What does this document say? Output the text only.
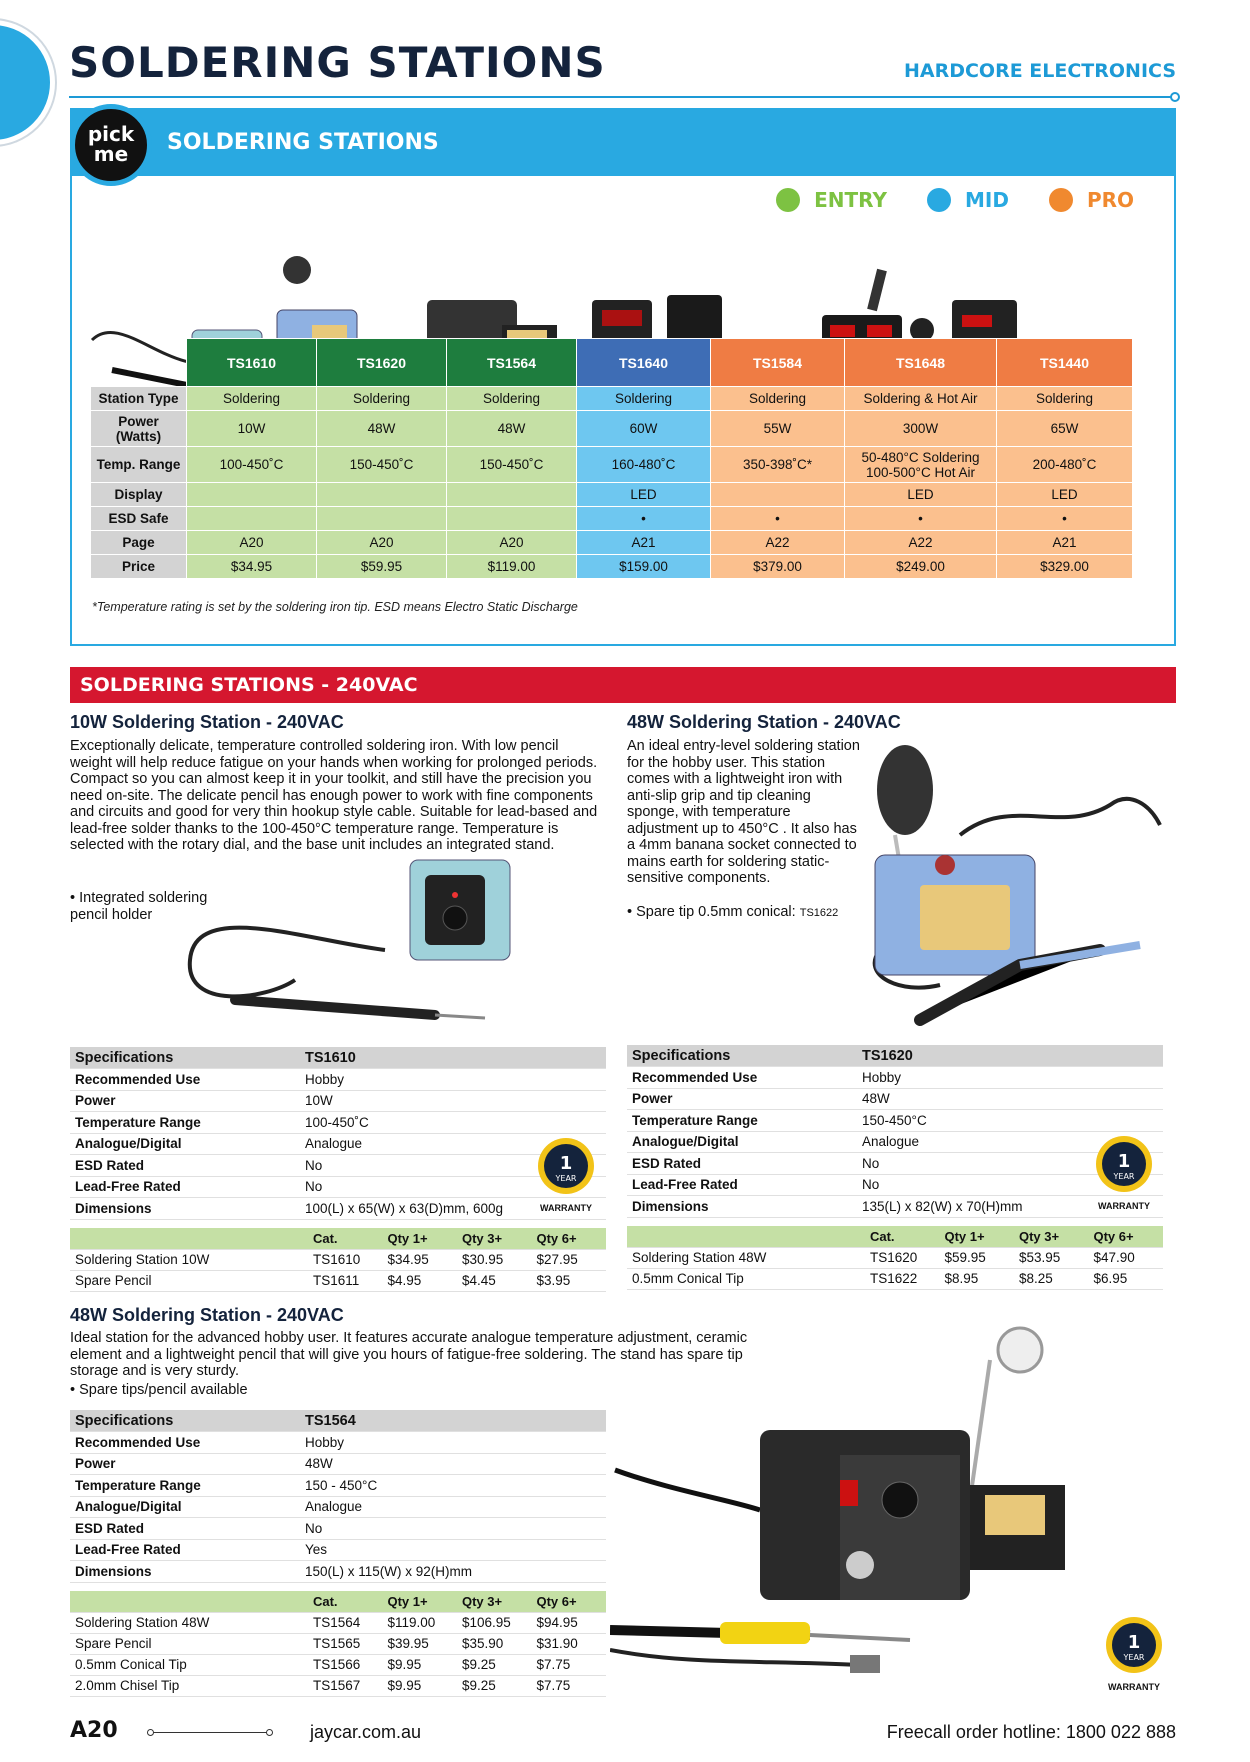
SOLDERING STATIONS	HARDCORE ELECTRONICS
pick
me	SOLDERING STATIONS
ENTRY	MID	PRO
	TS1610	TS1620	TS1564	TS1640	TS1584	TS1648	TS1440
Station Type	Soldering	Soldering	Soldering	Soldering	Soldering	Soldering & Hot Air	Soldering
Power (Watts)	10W	48W	48W	60W	55W	300W	65W
Temp. Range	100-450˚C	150-450˚C	150-450˚C	160-480˚C	350-398˚C*	50-480°C Soldering 100-500°C Hot Air	200-480˚C
Display				LED		LED	LED
ESD Safe				•	•	•	•
Page	A20	A20	A20	A21	A22	A22	A21
Price	$34.95	$59.95	$119.00	$159.00	$379.00	$249.00	$329.00
*Temperature rating is set by the soldering iron tip. ESD means Electro Static Discharge
SOLDERING STATIONS - 240VAC
10W Soldering Station - 240VAC
Exceptionally delicate, temperature controlled soldering iron. With low pencil weight will help reduce fatigue on your hands when working for prolonged periods. Compact so you can almost keep it in your toolkit, and still have the precision you need on-site. The delicate pencil has enough power to work with fine components and circuits and good for very thin hookup style cable. Suitable for lead-based and lead-free solder thanks to the 100-450°C temperature range. Temperature is selected with the rotary dial, and the base unit includes an integrated stand.
• Integrated soldering pencil holder
Specifications	TS1610
Recommended Use	Hobby
Power	10W
Temperature Range	100-450˚C
Analogue/Digital	Analogue
ESD Rated	No
Lead-Free Rated	No
Dimensions	100(L) x 65(W) x 63(D)mm, 600g
	Cat.	Qty 1+	Qty 3+	Qty 6+
Soldering Station 10W	TS1610	$34.95	$30.95	$27.95
Spare Pencil	TS1611	$4.95	$4.45	$3.95
48W Soldering Station - 240VAC
An ideal entry-level soldering station for the hobby user. This station comes with a lightweight iron with anti-slip grip and tip cleaning sponge, with temperature adjustment up to 450°C . It also has a 4mm banana socket connected to mains earth for soldering static-sensitive components.
• Spare tip 0.5mm conical: TS1622
Specifications	TS1620
Recommended Use	Hobby
Power	48W
Temperature Range	150-450°C
Analogue/Digital	Analogue
ESD Rated	No
Lead-Free Rated	No
Dimensions	135(L) x 82(W) x 70(H)mm
	Cat.	Qty 1+	Qty 3+	Qty 6+
Soldering Station 48W	TS1620	$59.95	$53.95	$47.90
0.5mm Conical Tip	TS1622	$8.95	$8.25	$6.95
1
YEAR
WARRANTY
1
YEAR
WARRANTY
48W Soldering Station - 240VAC
Ideal station for the advanced hobby user. It features accurate analogue temperature adjustment, ceramic element and a lightweight pencil that will give you hours of fatigue-free soldering. The stand has spare tip storage and is very sturdy.
• Spare tips/pencil available
Specifications	TS1564
Recommended Use	Hobby
Power	48W
Temperature Range	150 - 450°C
Analogue/Digital	Analogue
ESD Rated	No
Lead-Free Rated	Yes
Dimensions	150(L) x 115(W) x 92(H)mm
	Cat.	Qty 1+	Qty 3+	Qty 6+
Soldering Station 48W	TS1564	$119.00	$106.95	$94.95
Spare Pencil	TS1565	$39.95	$35.90	$31.90
0.5mm Conical Tip	TS1566	$9.95	$9.25	$7.75
2.0mm Chisel Tip	TS1567	$9.95	$9.25	$7.75
1
YEAR
WARRANTY
A20	jaycar.com.au	Freecall order hotline: 1800 022 888
